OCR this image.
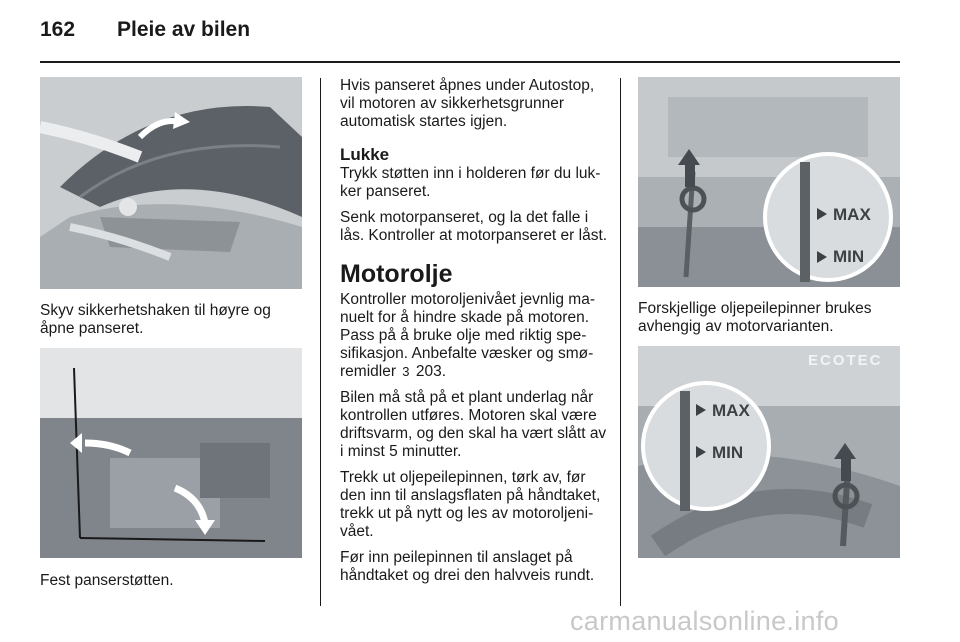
162 Pleie av bilen
Skyv sikkerhetshaken til høyre og åpne panseret.
Fest panserstøtten.

Hvis panseret åpnes under Autostop, vil motoren av sikkerhetsgrunner automatisk startes igjen.

Lukke

Trykk støtten inn i holderen før du luk-ker panseret.

Senk motorpanseret, og la det falle i lås. Kontroller at motorpanseret er låst.

Motorolje

Kontroller motoroljenivået jevnlig ma-nuelt for å hindre skade på motoren. Pass på å bruke olje med riktig spe-sifikasjon. Anbefalte væsker og smø-remidler 3 203.

Bilen må stå på et plant underlag når kontrollen utføres. Motoren skal være driftsvarm, og den skal ha vært slått av i minst 5 minutter.

Trekk ut oljepeilepinnen, tørk av, før den inn til anslagsflaten på håndtaket, trekk ut på nytt og les av motoroljeni-vået.

Før inn peilepinnen til anslaget på håndtaket og drei den halvveis rundt.

MAX
MIN
Forskjellige oljepeilepinner brukes avhengig av motorvarianten.
ECOTEC
MAX
MIN
carmanualsonline.info
